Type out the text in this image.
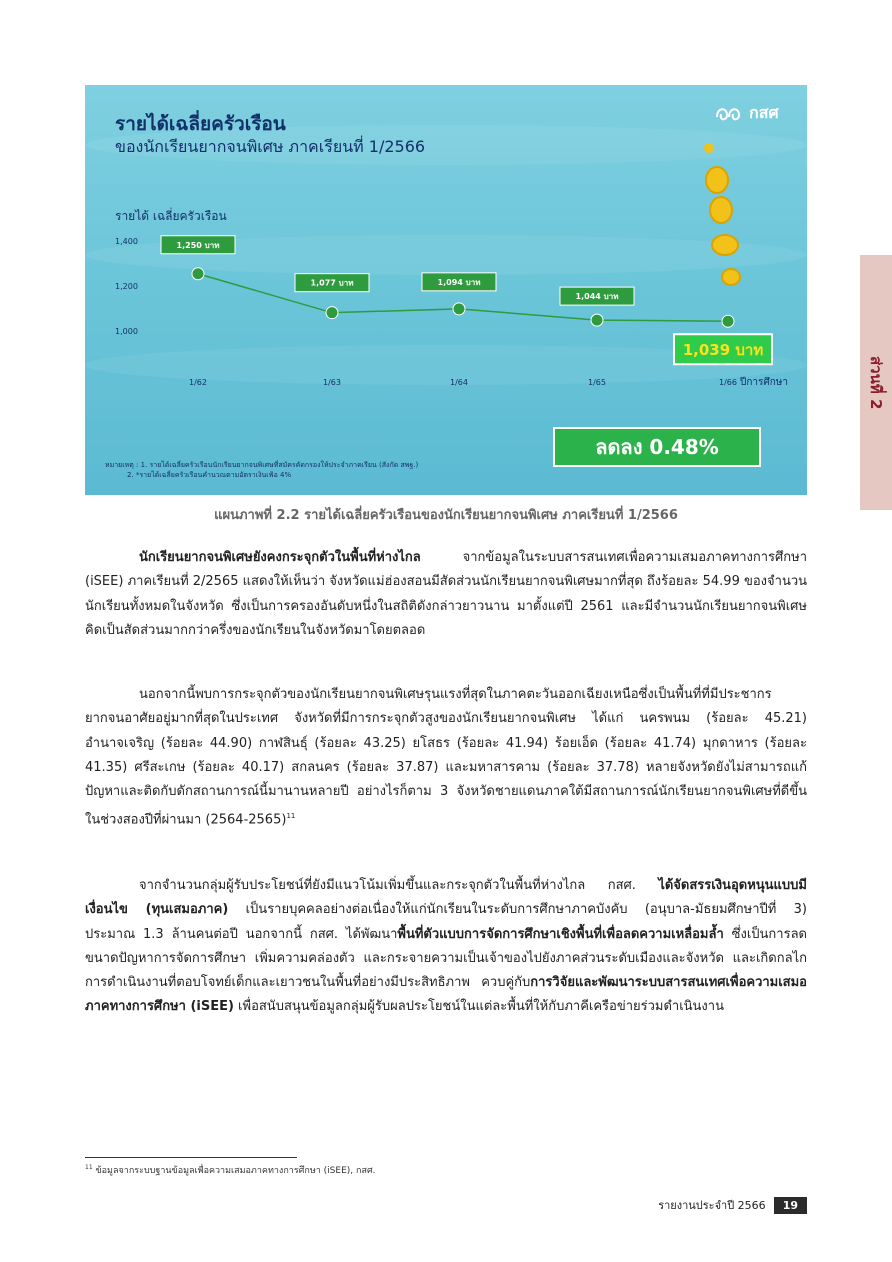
ส่วนที่ 2
รายได้เฉลี่ยครัวเรือน
ของนักเรียนยากจนพิเศษ ภาคเรียนที่ 1/2566
กสศ
รายได้ เฉลี่ยครัวเรือน
1,000
1,200
1,400
1/62	1/63	1/64	1/65	1/66 ปีการศึกษา
1,250 บาท
1,077 บาท	1,094 บาท
1,044 บาท
1,039 บาท
หมายเหตุ : 1. รายได้เฉลี่ยครัวเรือนนักเรียนยากจนพิเศษที่สมัครคัดกรองให้ประจำภาคเรียน (สังกัด สพฐ.)
2. *รายได้เฉลี่ยครัวเรือนคำนวณตามอัตราเงินเฟ้อ 4%
ลดลง 0.48%
แผนภาพที่ 2.2 รายได้เฉลี่ยครัวเรือนของนักเรียนยากจนพิเศษ ภาคเรียนที่ 1/2566

นักเรียนยากจนพิเศษยังคงกระจุกตัวในพื้นที่ห่างไกล จากข้อมูลในระบบสารสนเทศเพื่อความเสมอภาคทางการศึกษา (iSEE) ภาคเรียนที่ 2/2565 แสดงให้เห็นว่า จังหวัดแม่ฮ่องสอนมีสัดส่วนนักเรียนยากจนพิเศษมากที่สุด ถึงร้อยละ 54.99 ของจำนวนนักเรียนทั้งหมดในจังหวัด ซึ่งเป็นการครองอันดับหนึ่งในสถิติดังกล่าวยาวนาน มาตั้งแต่ปี 2561 และมีจำนวนนักเรียนยากจนพิเศษคิดเป็นสัดส่วนมากกว่าครึ่งของนักเรียนในจังหวัดมาโดยตลอด

นอกจากนี้พบการกระจุกตัวของนักเรียนยากจนพิเศษรุนแรงที่สุดในภาคตะวันออกเฉียงเหนือซึ่งเป็นพื้นที่ที่มีประชากรยากจนอาศัยอยู่มากที่สุดในประเทศ จังหวัดที่มีการกระจุกตัวสูงของนักเรียนยากจนพิเศษ ได้แก่ นครพนม (ร้อยละ 45.21) อำนาจเจริญ (ร้อยละ 44.90) กาฬสินธุ์ (ร้อยละ 43.25) ยโสธร (ร้อยละ 41.94) ร้อยเอ็ด (ร้อยละ 41.74) มุกดาหาร (ร้อยละ 41.35) ศรีสะเกษ (ร้อยละ 40.17) สกลนคร (ร้อยละ 37.87) และมหาสารคาม (ร้อยละ 37.78) หลายจังหวัดยังไม่สามารถแก้ปัญหาและติดกับดักสถานการณ์นี้มานานหลายปี อย่างไรก็ตาม 3 จังหวัดชายแดนภาคใต้มีสถานการณ์นักเรียนยากจนพิเศษที่ดีขึ้นในช่วงสองปีที่ผ่านมา (2564-2565)$^{11}$

จากจำนวนกลุ่มผู้รับประโยชน์ที่ยังมีแนวโน้มเพิ่มขึ้นและกระจุกตัวในพื้นที่ห่างไกล กสศ. ได้จัดสรรเงินอุดหนุนแบบมีเงื่อนไข (ทุนเสมอภาค) เป็นรายบุคคลอย่างต่อเนื่องให้แก่นักเรียนในระดับการศึกษาภาคบังคับ (อนุบาล-มัธยมศึกษาปีที่ 3) ประมาณ 1.3 ล้านคนต่อปี นอกจากนี้ กสศ. ได้พัฒนาพื้นที่ตัวแบบการจัดการศึกษาเชิงพื้นที่เพื่อลดความเหลื่อมล้ำ ซึ่งเป็นการลดขนาดปัญหาการจัดการศึกษา เพิ่มความคล่องตัว และกระจายความเป็นเจ้าของไปยังภาคส่วนระดับเมืองและจังหวัด และเกิดกลไกการดำเนินงานที่ตอบโจทย์เด็กและเยาวชนในพื้นที่อย่างมีประสิทธิภาพ ควบคู่กับการวิจัยและพัฒนาระบบสารสนเทศเพื่อความเสมอภาคทางการศึกษา (iSEE) เพื่อสนับสนุนข้อมูลกลุ่มผู้รับผลประโยชน์ในแต่ละพื้นที่ให้กับภาคีเครือข่ายร่วมดำเนินงาน

$^{11}$ ข้อมูลจากระบบฐานข้อมูลเพื่อความเสมอภาคทางการศึกษา (iSEE), กสศ.
รายงานประจำปี 2566	19
